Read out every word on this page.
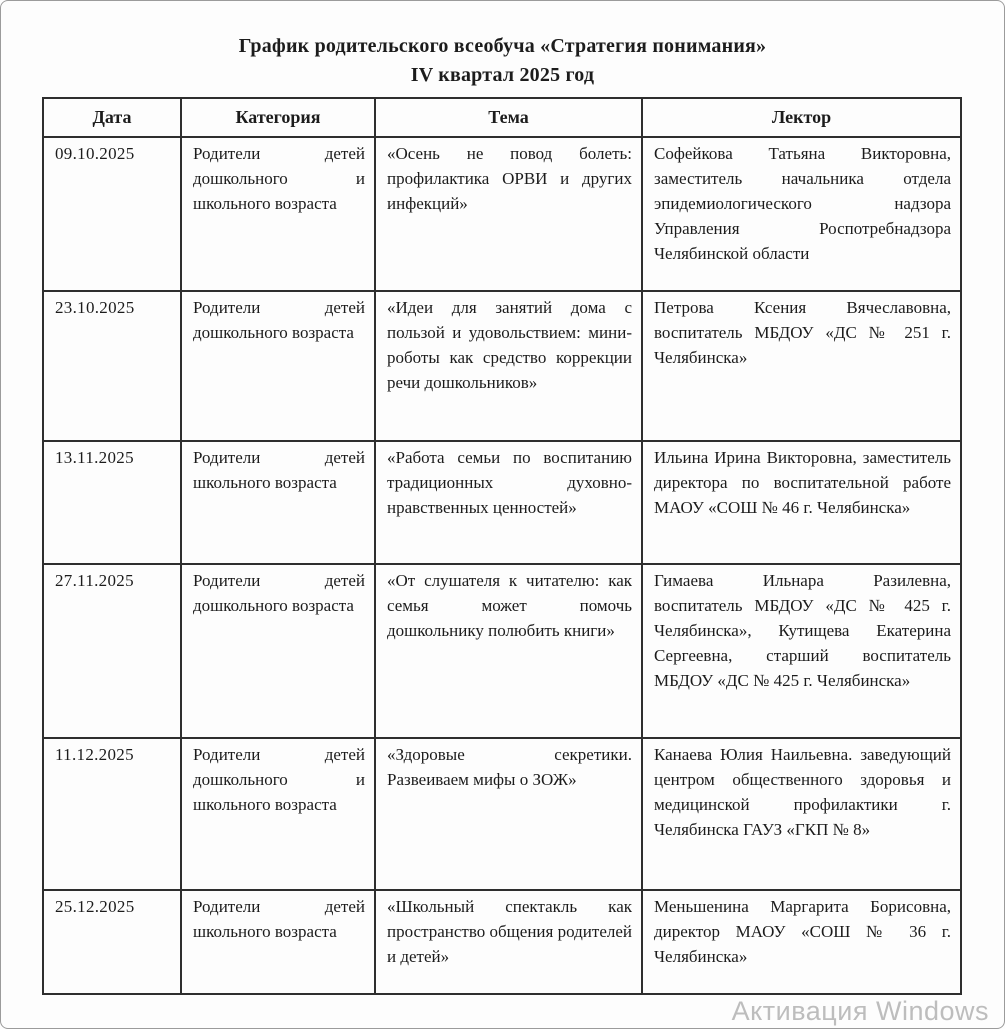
График родительского всеобуча «Стратегия понимания»
IV квартал 2025 год
Дата	Категория	Тема	Лектор
09.10.2025	Родители детей дошкольного и школьного возраста	«Осень не повод болеть: профилактика ОРВИ и других инфекций»	Софейкова Татьяна Викторовна, заместитель начальника отдела эпидемиологического надзора Управления Роспотребнадзора Челябинской области
23.10.2025	Родители детей дошкольного возраста	«Идеи для занятий дома с пользой и удовольствием: мини-роботы как средство коррекции речи дошкольников»	Петрова Ксения Вячеславовна, воспитатель МБДОУ «ДС № 251 г. Челябинска»
13.11.2025	Родители детей школьного возраста	«Работа семьи по воспитанию традиционных духовно-нравственных ценностей»	Ильина Ирина Викторовна, заместитель директора по воспитательной работе МАОУ «СОШ № 46 г. Челябинска»
27.11.2025	Родители детей дошкольного возраста	«От слушателя к читателю: как семья может помочь дошкольнику полюбить книги»	Гимаева Ильнара Разилевна, воспитатель МБДОУ «ДС № 425 г. Челябинска», Кутищева Екатерина Сергеевна, старший воспитатель МБДОУ «ДС № 425 г. Челябинска»
11.12.2025	Родители детей дошкольного и школьного возраста	«Здоровые секретики. Развеиваем мифы о ЗОЖ»	Канаева Юлия Наильевна. заведующий центром общественного здоровья и медицинской профилактики г. Челябинска ГАУЗ «ГКП № 8»
25.12.2025	Родители детей школьного возраста	«Школьный спектакль как пространство общения родителей и детей»	Меньшенина Маргарита Борисовна, директор МАОУ «СОШ № 36 г. Челябинска»
Активация Windows
